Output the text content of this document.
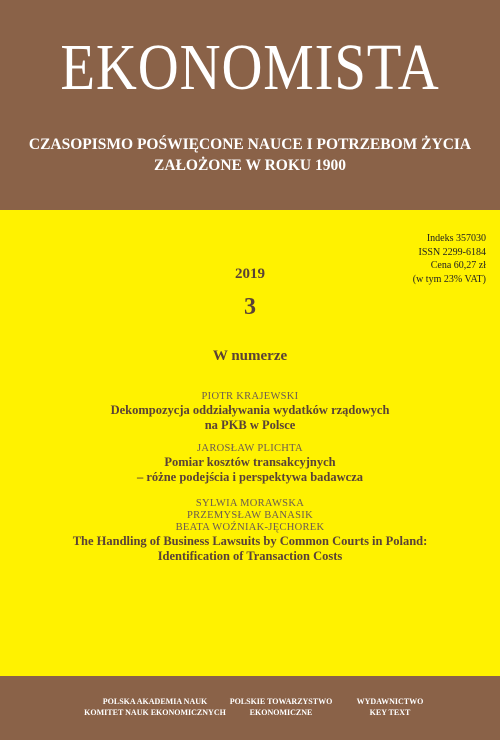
EKONOMISTA
CZASOPISMO POŚWIĘCONE NAUCE I POTRZEBOM ŻYCIA
ZAŁOŻONE W ROKU 1900
Indeks 357030
ISSN 2299-6184
Cena 60,27 zł
(w tym 23% VAT)
2019
3
W numerze
PIOTR KRAJEWSKI
Dekompozycja oddziaływania wydatków rządowych
na PKB w Polsce
JAROSŁAW PLICHTA
Pomiar kosztów transakcyjnych
– różne podejścia i perspektywa badawcza
SYLWIA MORAWSKA
PRZEMYSŁAW BANASIK
BEATA WOŹNIAK-JĘCHOREK
The Handling of Business Lawsuits by Common Courts in Poland:
Identification of Transaction Costs
POLSKA AKADEMIA NAUK
KOMITET NAUK EKONOMICZNYCH
POLSKIE TOWARZYSTWO
EKONOMICZNE
WYDAWNICTWO
KEY TEXT
